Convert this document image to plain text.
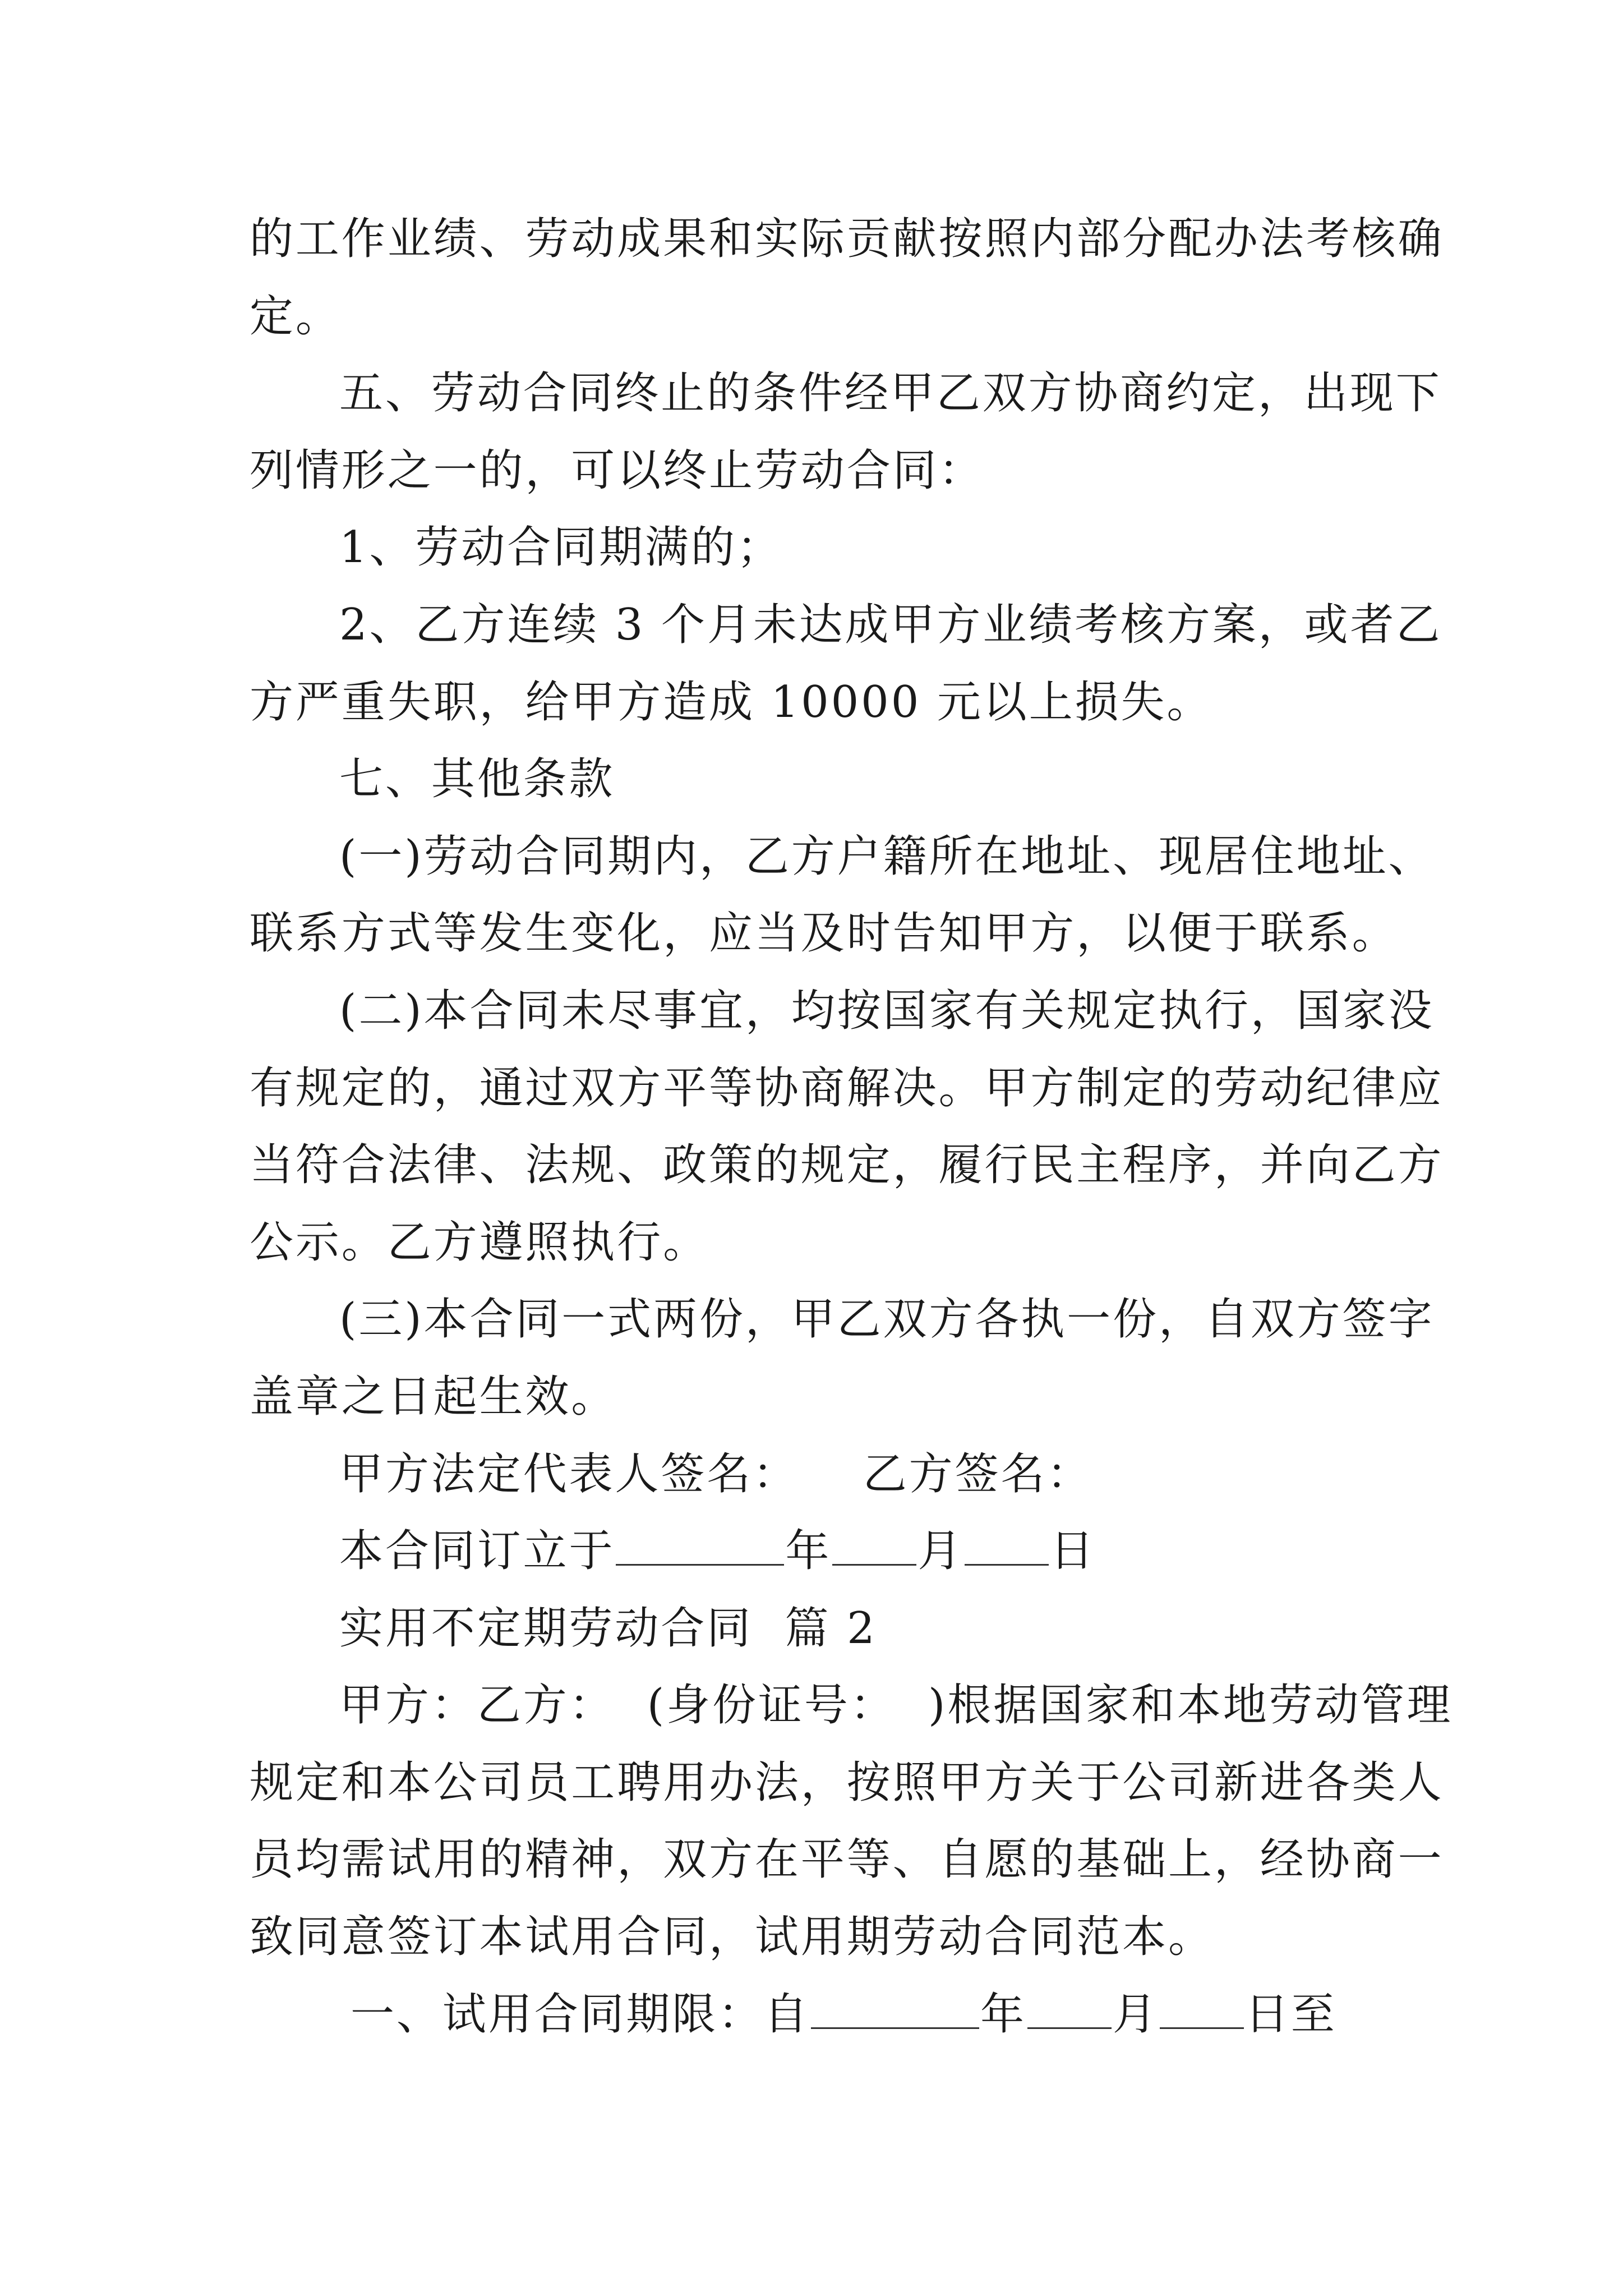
的工作业绩、劳动成果和实际贡献按照内部分配办法考核确
定。
五、劳动合同终止的条件经甲乙双方协商约定，出现下
列情形之一的，可以终止劳动合同：
1、劳动合同期满的；
2、乙方连续 3 个月未达成甲方业绩考核方案，或者乙
方严重失职，给甲方造成 10000 元以上损失。
七、其他条款
(一)劳动合同期内，乙方户籍所在地址、现居住地址、
联系方式等发生变化，应当及时告知甲方，以便于联系。
(二)本合同未尽事宜，均按国家有关规定执行，国家没
有规定的，通过双方平等协商解决。甲方制定的劳动纪律应
当符合法律、法规、政策的规定，履行民主程序，并向乙方
公示。乙方遵照执行。
(三)本合同一式两份，甲乙双方各执一份，自双方签字
盖章之日起生效。
甲方法定代表人签名：    乙方签名：
本合同订立于	年 月 日
实用不定期劳动合同  篇 2
甲方：乙方：  (身份证号：  )根据国家和本地劳动管理
规定和本公司员工聘用办法，按照甲方关于公司新进各类人
员均需试用的精神，双方在平等、自愿的基础上，经协商一
致同意签订本试用合同，试用期劳动合同范本。
一、试用合同期限：自	年 月 日至
